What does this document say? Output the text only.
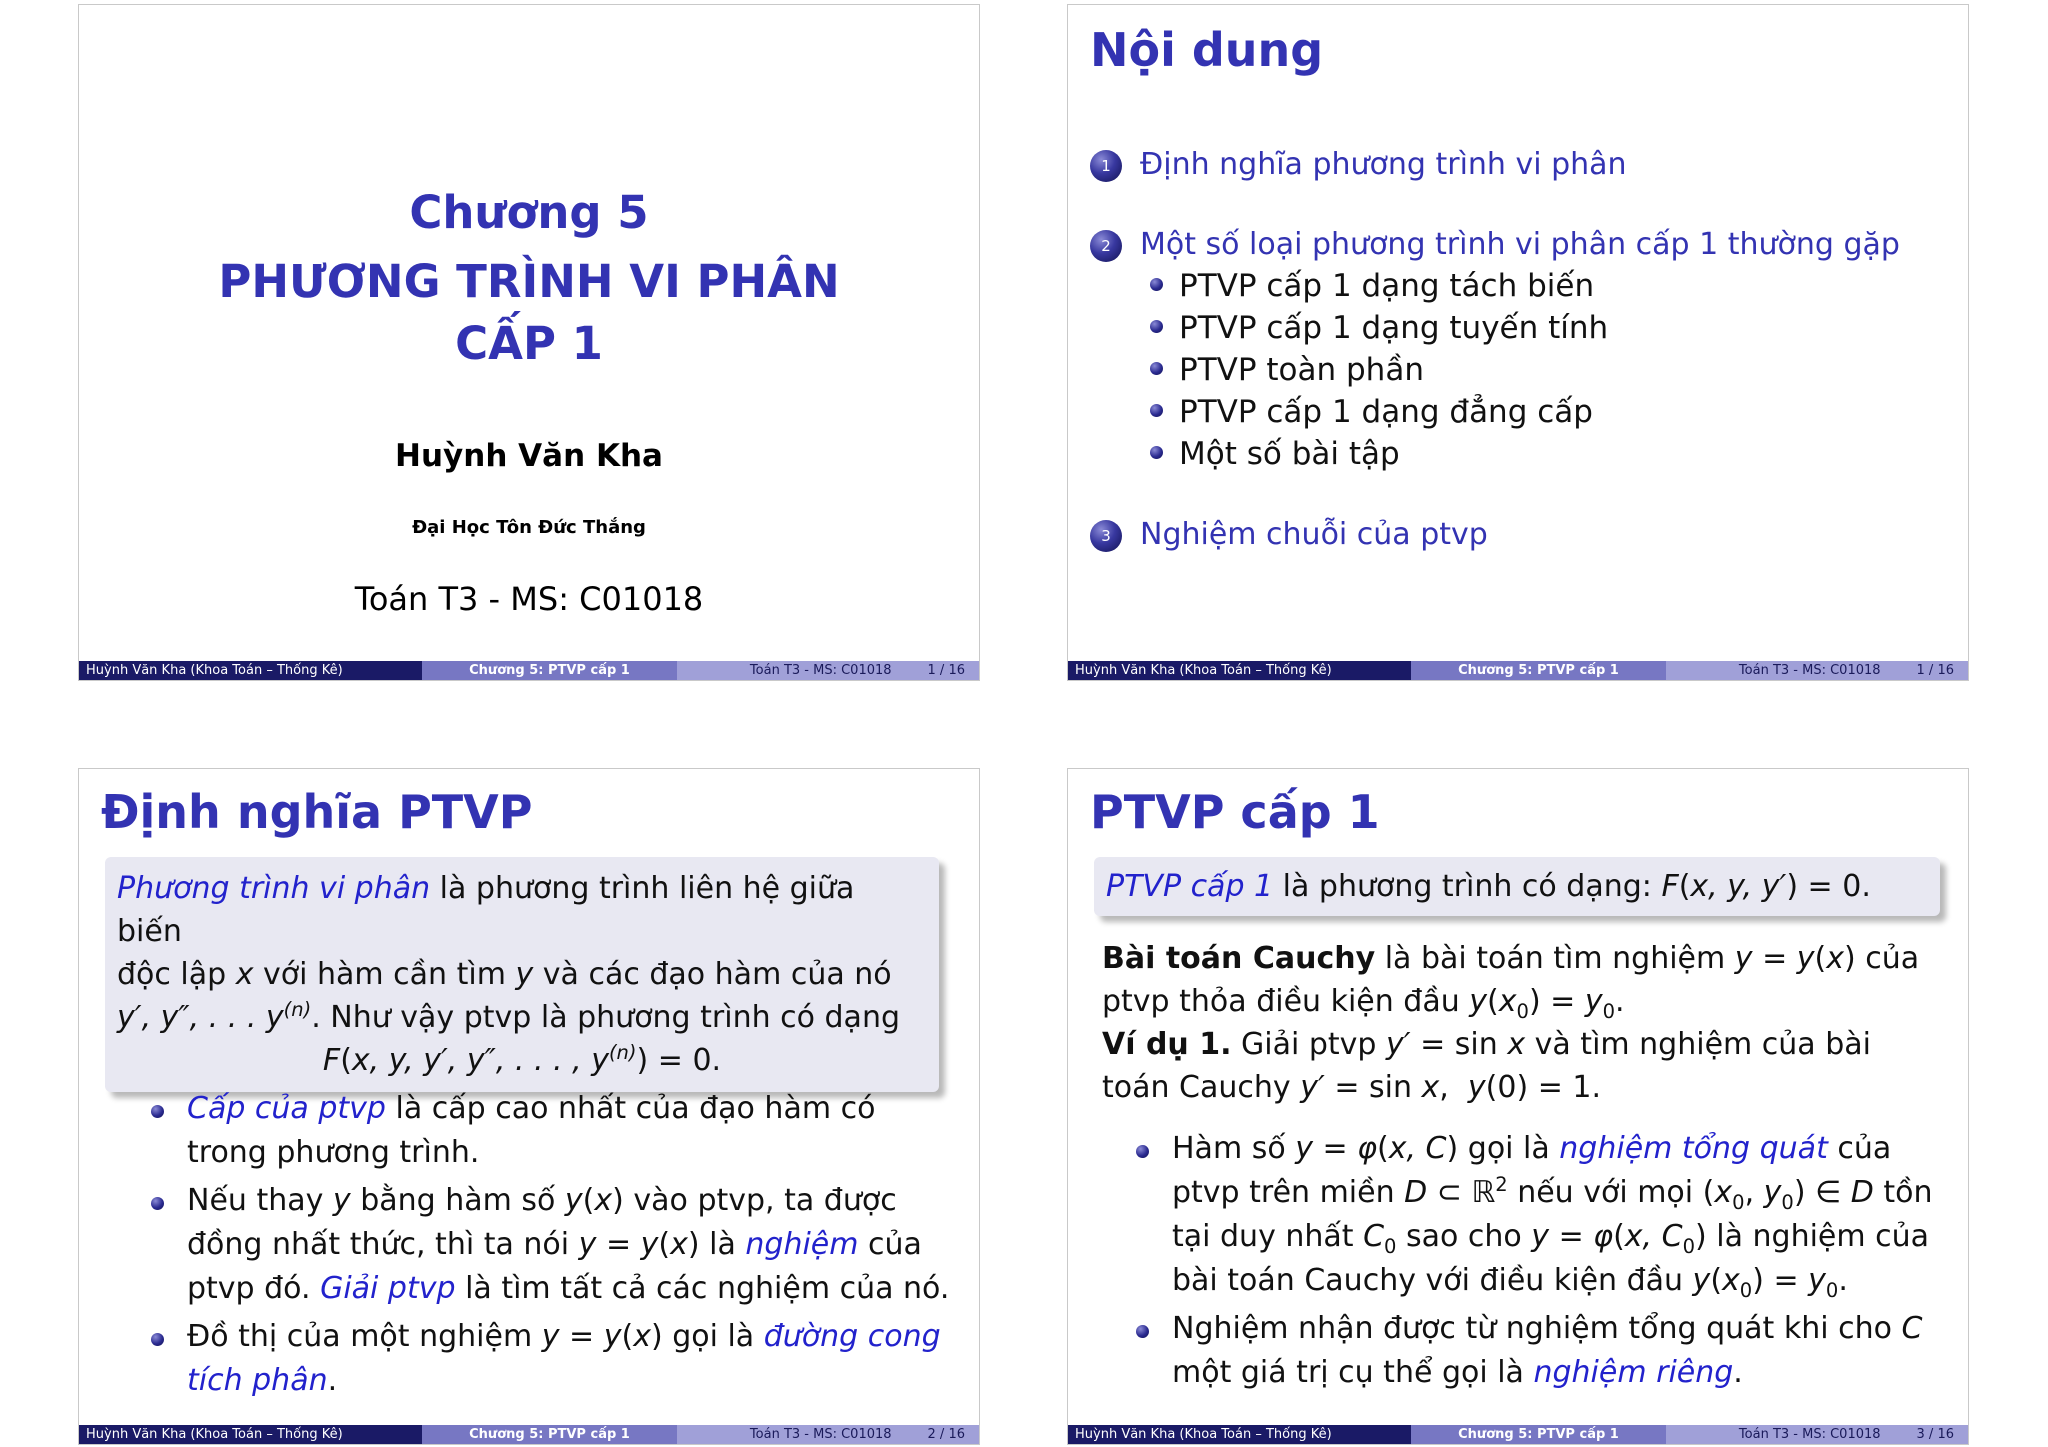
Chương 5
PHƯƠNG TRÌNH VI PHÂN
CẤP 1
Huỳnh Văn Kha
Đại Học Tôn Đức Thắng
Toán T3 - MS: C01018
Huỳnh Văn Kha (Khoa Toán – Thống Kê)	Chương 5: PTVP cấp 1	Toán T3 - MS: C01018	1 / 16
Nội dung
1 Định nghĩa phương trình vi phân
2 Một số loại phương trình vi phân cấp 1 thường gặp
PTVP cấp 1 dạng tách biến
PTVP cấp 1 dạng tuyến tính
PTVP toàn phần
PTVP cấp 1 dạng đẳng cấp
Một số bài tập
3 Nghiệm chuỗi của ptvp
Huỳnh Văn Kha (Khoa Toán – Thống Kê)	Chương 5: PTVP cấp 1	Toán T3 - MS: C01018	1 / 16
Định nghĩa PTVP
Phương trình vi phân là phương trình liên hệ giữa biến
độc lập x với hàm cần tìm y và các đạo hàm của nó
y′, y″, . . . $y^{(n)}$. Như vậy ptvp là phương trình có dạng
F(x, y, y′, y″, . . . , $y^{(n)}) = 0$.
Cấp của ptvp là cấp cao nhất của đạo hàm có trong phương trình.
Nếu thay y bằng hàm số y(x) vào ptvp, ta được đồng nhất thức, thì ta nói y = y(x) là nghiệm của ptvp đó. Giải ptvp là tìm tất cả các nghiệm của nó.
Đồ thị của một nghiệm y = y(x) gọi là đường cong tích phân.
Huỳnh Văn Kha (Khoa Toán – Thống Kê)	Chương 5: PTVP cấp 1	Toán T3 - MS: C01018	2 / 16
PTVP cấp 1
PTVP cấp 1 là phương trình có dạng: F(x, y, y′) = 0.
Bài toán Cauchy là bài toán tìm nghiệm y = y(x) của ptvp thỏa điều kiện đầu $y(x_0) = y_0$.
Ví dụ 1. Giải ptvp y′ = sin x và tìm nghiệm của bài toán Cauchy y′ = sin x,  y(0) = 1.
Hàm số y = φ(x, C) gọi là nghiệm tổng quát của ptvp trên miền D ⊂ ℝ$^2$ nếu với mọi ($x_0$, $y_0$) ∈ D tồn tại duy nhất $C_0$ sao cho y = φ(x, $C_0$) là nghiệm của bài toán Cauchy với điều kiện đầu $y(x_0) = y_0$.
Nghiệm nhận được từ nghiệm tổng quát khi cho C một giá trị cụ thể gọi là nghiệm riêng.
Huỳnh Văn Kha (Khoa Toán – Thống Kê)	Chương 5: PTVP cấp 1	Toán T3 - MS: C01018	3 / 16
